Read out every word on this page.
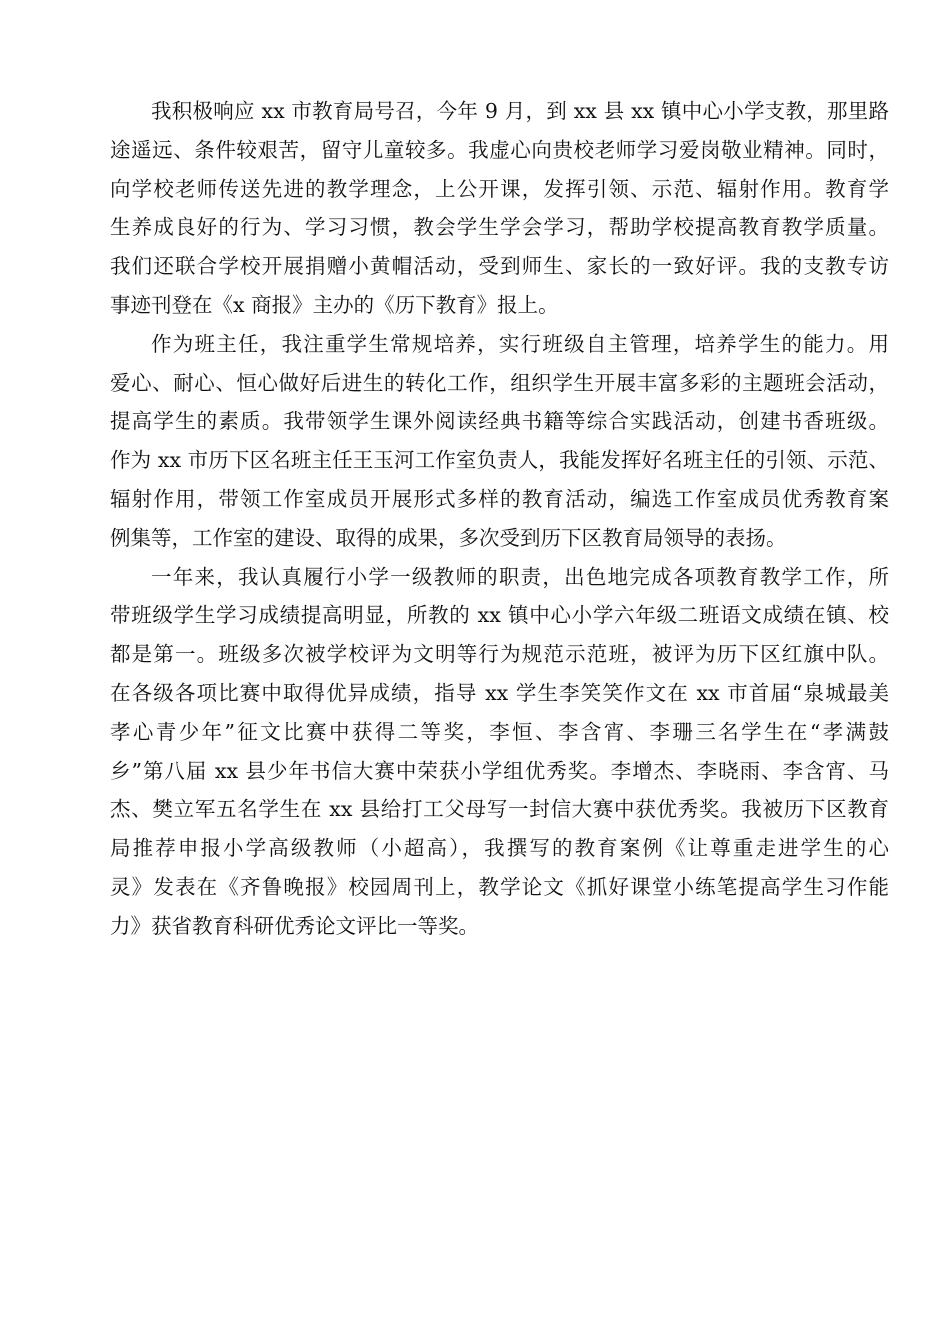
我积极响应 xx 市教育局号召，今年 9 月，到 xx 县 xx 镇中心小学支教，那里路
途遥远、条件较艰苦，留守儿童较多。我虚心向贵校老师学习爱岗敬业精神。同时，
向学校老师传送先进的教学理念，上公开课，发挥引领、示范、辐射作用。教育学
生养成良好的行为、学习习惯，教会学生学会学习，帮助学校提高教育教学质量。
我们还联合学校开展捐赠小黄帽活动，受到师生、家长的一致好评。我的支教专访
事迹刊登在《x 商报》主办的《历下教育》报上。
作为班主任，我注重学生常规培养，实行班级自主管理，培养学生的能力。用
爱心、耐心、恒心做好后进生的转化工作，组织学生开展丰富多彩的主题班会活动，
提高学生的素质。我带领学生课外阅读经典书籍等综合实践活动，创建书香班级。
作为 xx 市历下区名班主任王玉河工作室负责人，我能发挥好名班主任的引领、示范、
辐射作用，带领工作室成员开展形式多样的教育活动，编选工作室成员优秀教育案
例集等，工作室的建设、取得的成果，多次受到历下区教育局领导的表扬。
一年来，我认真履行小学一级教师的职责，出色地完成各项教育教学工作，所
带班级学生学习成绩提高明显，所教的 xx 镇中心小学六年级二班语文成绩在镇、校
都是第一。班级多次被学校评为文明等行为规范示范班，被评为历下区红旗中队。
在各级各项比赛中取得优异成绩，指导 xx 学生李笑笑作文在 xx 市首届“泉城最美
孝心青少年”征文比赛中获得二等奖，李恒、李含宵、李珊三名学生在“孝满鼓
乡”第八届 xx 县少年书信大赛中荣获小学组优秀奖。李增杰、李晓雨、李含宵、马
杰、樊立军五名学生在 xx 县给打工父母写一封信大赛中获优秀奖。我被历下区教育
局推荐申报小学高级教师（小超高），我撰写的教育案例《让尊重走进学生的心
灵》发表在《齐鲁晚报》校园周刊上，教学论文《抓好课堂小练笔提高学生习作能
力》获省教育科研优秀论文评比一等奖。
